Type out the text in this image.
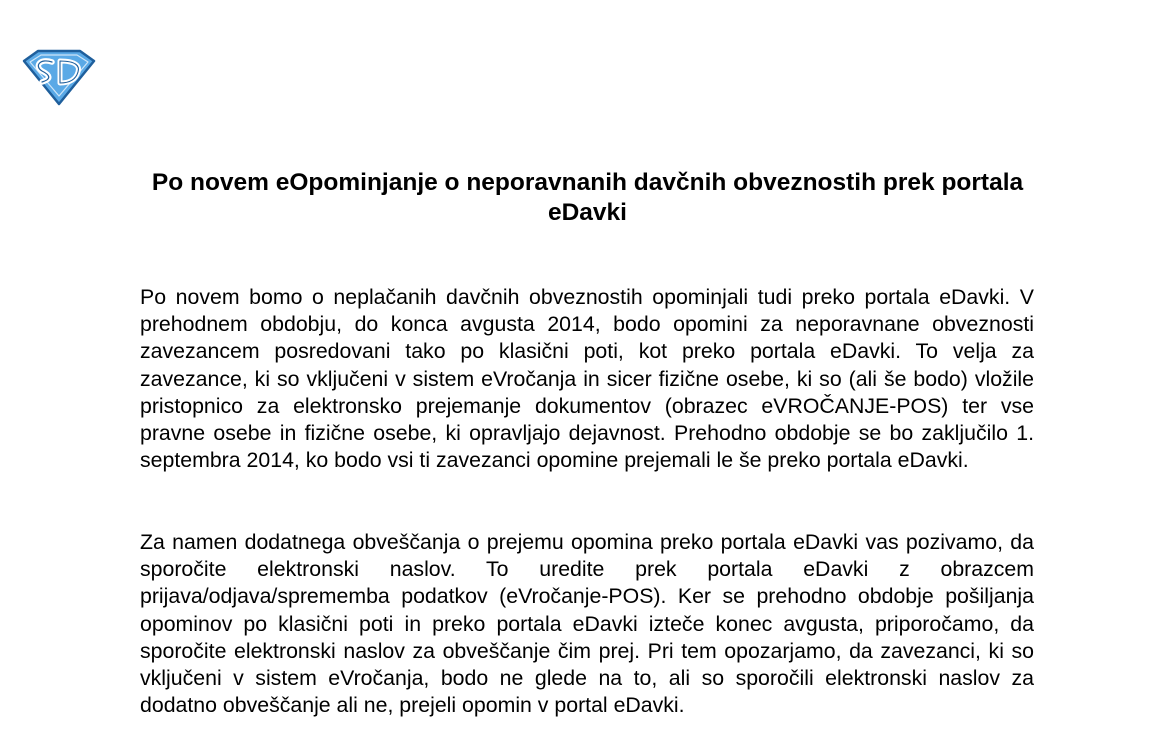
Po novem eOpominjanje o neporavnanih davčnih obveznostih prek portala eDavki

Po novem bomo o neplačanih davčnih obveznostih opominjali tudi preko portala eDavki. V prehodnem obdobju, do konca avgusta 2014, bodo opomini za neporavnane obveznosti zavezancem posredovani tako po klasični poti, kot preko portala eDavki. To velja za zavezance, ki so vključeni v sistem eVročanja in sicer fizične osebe, ki so (ali še bodo) vložile pristopnico za elektronsko prejemanje dokumentov (obrazec eVROČANJE-POS) ter vse pravne osebe in fizične osebe, ki opravljajo dejavnost. Prehodno obdobje se bo zaključilo 1. septembra 2014, ko bodo vsi ti zavezanci opomine prejemali le še preko portala eDavki.

Za namen dodatnega obveščanja o prejemu opomina preko portala eDavki vas pozivamo, da sporočite elektronski naslov. To uredite prek portala eDavki z obrazcem prijava/odjava/sprememba podatkov (eVročanje-POS). Ker se prehodno obdobje pošiljanja opominov po klasični poti in preko portala eDavki izteče konec avgusta, priporočamo, da sporočite elektronski naslov za obveščanje čim prej. Pri tem opozarjamo, da zavezanci, ki so vključeni v sistem eVročanja, bodo ne glede na to, ali so sporočili elektronski naslov za dodatno obveščanje ali ne, prejeli opomin v portal eDavki.
